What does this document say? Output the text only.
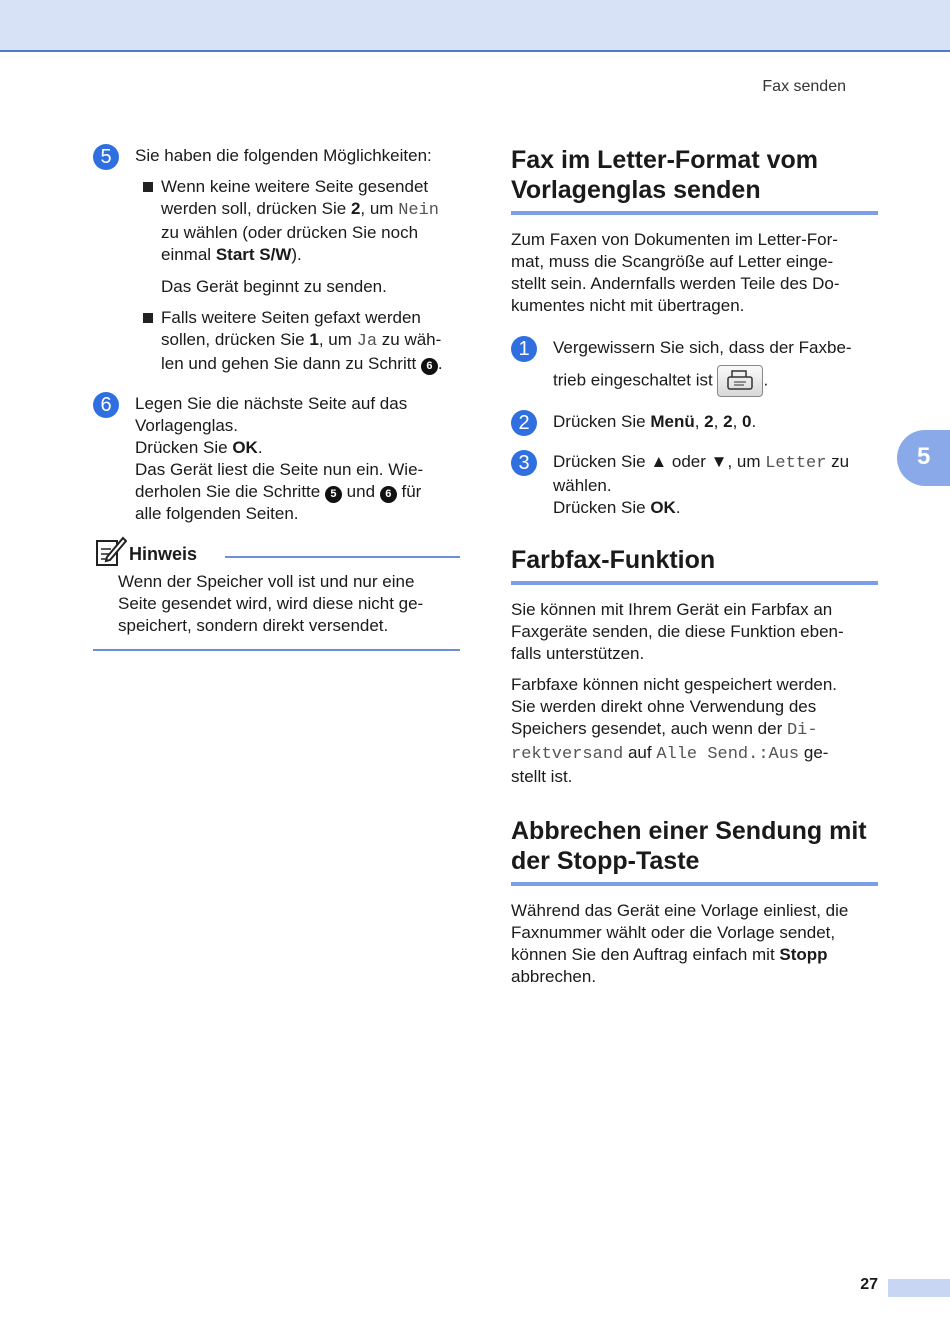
Fax senden
5
5	Sie haben die folgenden Möglichkeiten:

Wenn keine weitere Seite gesendet

werden soll, drücken Sie 2, um Nein

zu wählen (oder drücken Sie noch

einmal Start S/W).

Das Gerät beginnt zu senden.

Falls weitere Seiten gefaxt werden

sollen, drücken Sie 1, um Ja zu wäh-

len und gehen Sie dann zu Schritt 6 .

6	Legen Sie die nächste Seite auf das

Vorlagenglas.

Drücken Sie OK.

Das Gerät liest die Seite nun ein. Wie-

derholen Sie die Schritte 5 und 6 für

alle folgenden Seiten.

Hinweis

Wenn der Speicher voll ist und nur eine

Seite gesendet wird, wird diese nicht ge-

speichert, sondern direkt versendet.

Fax im Letter-Format vom
Vorlagenglas senden

Zum Faxen von Dokumenten im Letter-For-

mat, muss die Scangröße auf Letter einge-

stellt sein. Andernfalls werden Teile des Do-

kumentes nicht mit übertragen.

1	Vergewissern Sie sich, dass der Faxbe-

trieb eingeschaltet ist	.

2	Drücken Sie Menü, 2, 2, 0.

3	Drücken Sie ▲ oder ▼, um Letter zu

wählen.

Drücken Sie OK.

Farbfax-Funktion

Sie können mit Ihrem Gerät ein Farbfax an

Faxgeräte senden, die diese Funktion eben-

falls unterstützen.

Farbfaxe können nicht gespeichert werden.

Sie werden direkt ohne Verwendung des

Speichers gesendet, auch wenn der Di-

rektversand auf Alle Send.:Aus ge-

stellt ist.

Abbrechen einer Sendung mit
der Stopp-Taste

Während das Gerät eine Vorlage einliest, die

Faxnummer wählt oder die Vorlage sendet,

können Sie den Auftrag einfach mit Stopp

abbrechen.

27
